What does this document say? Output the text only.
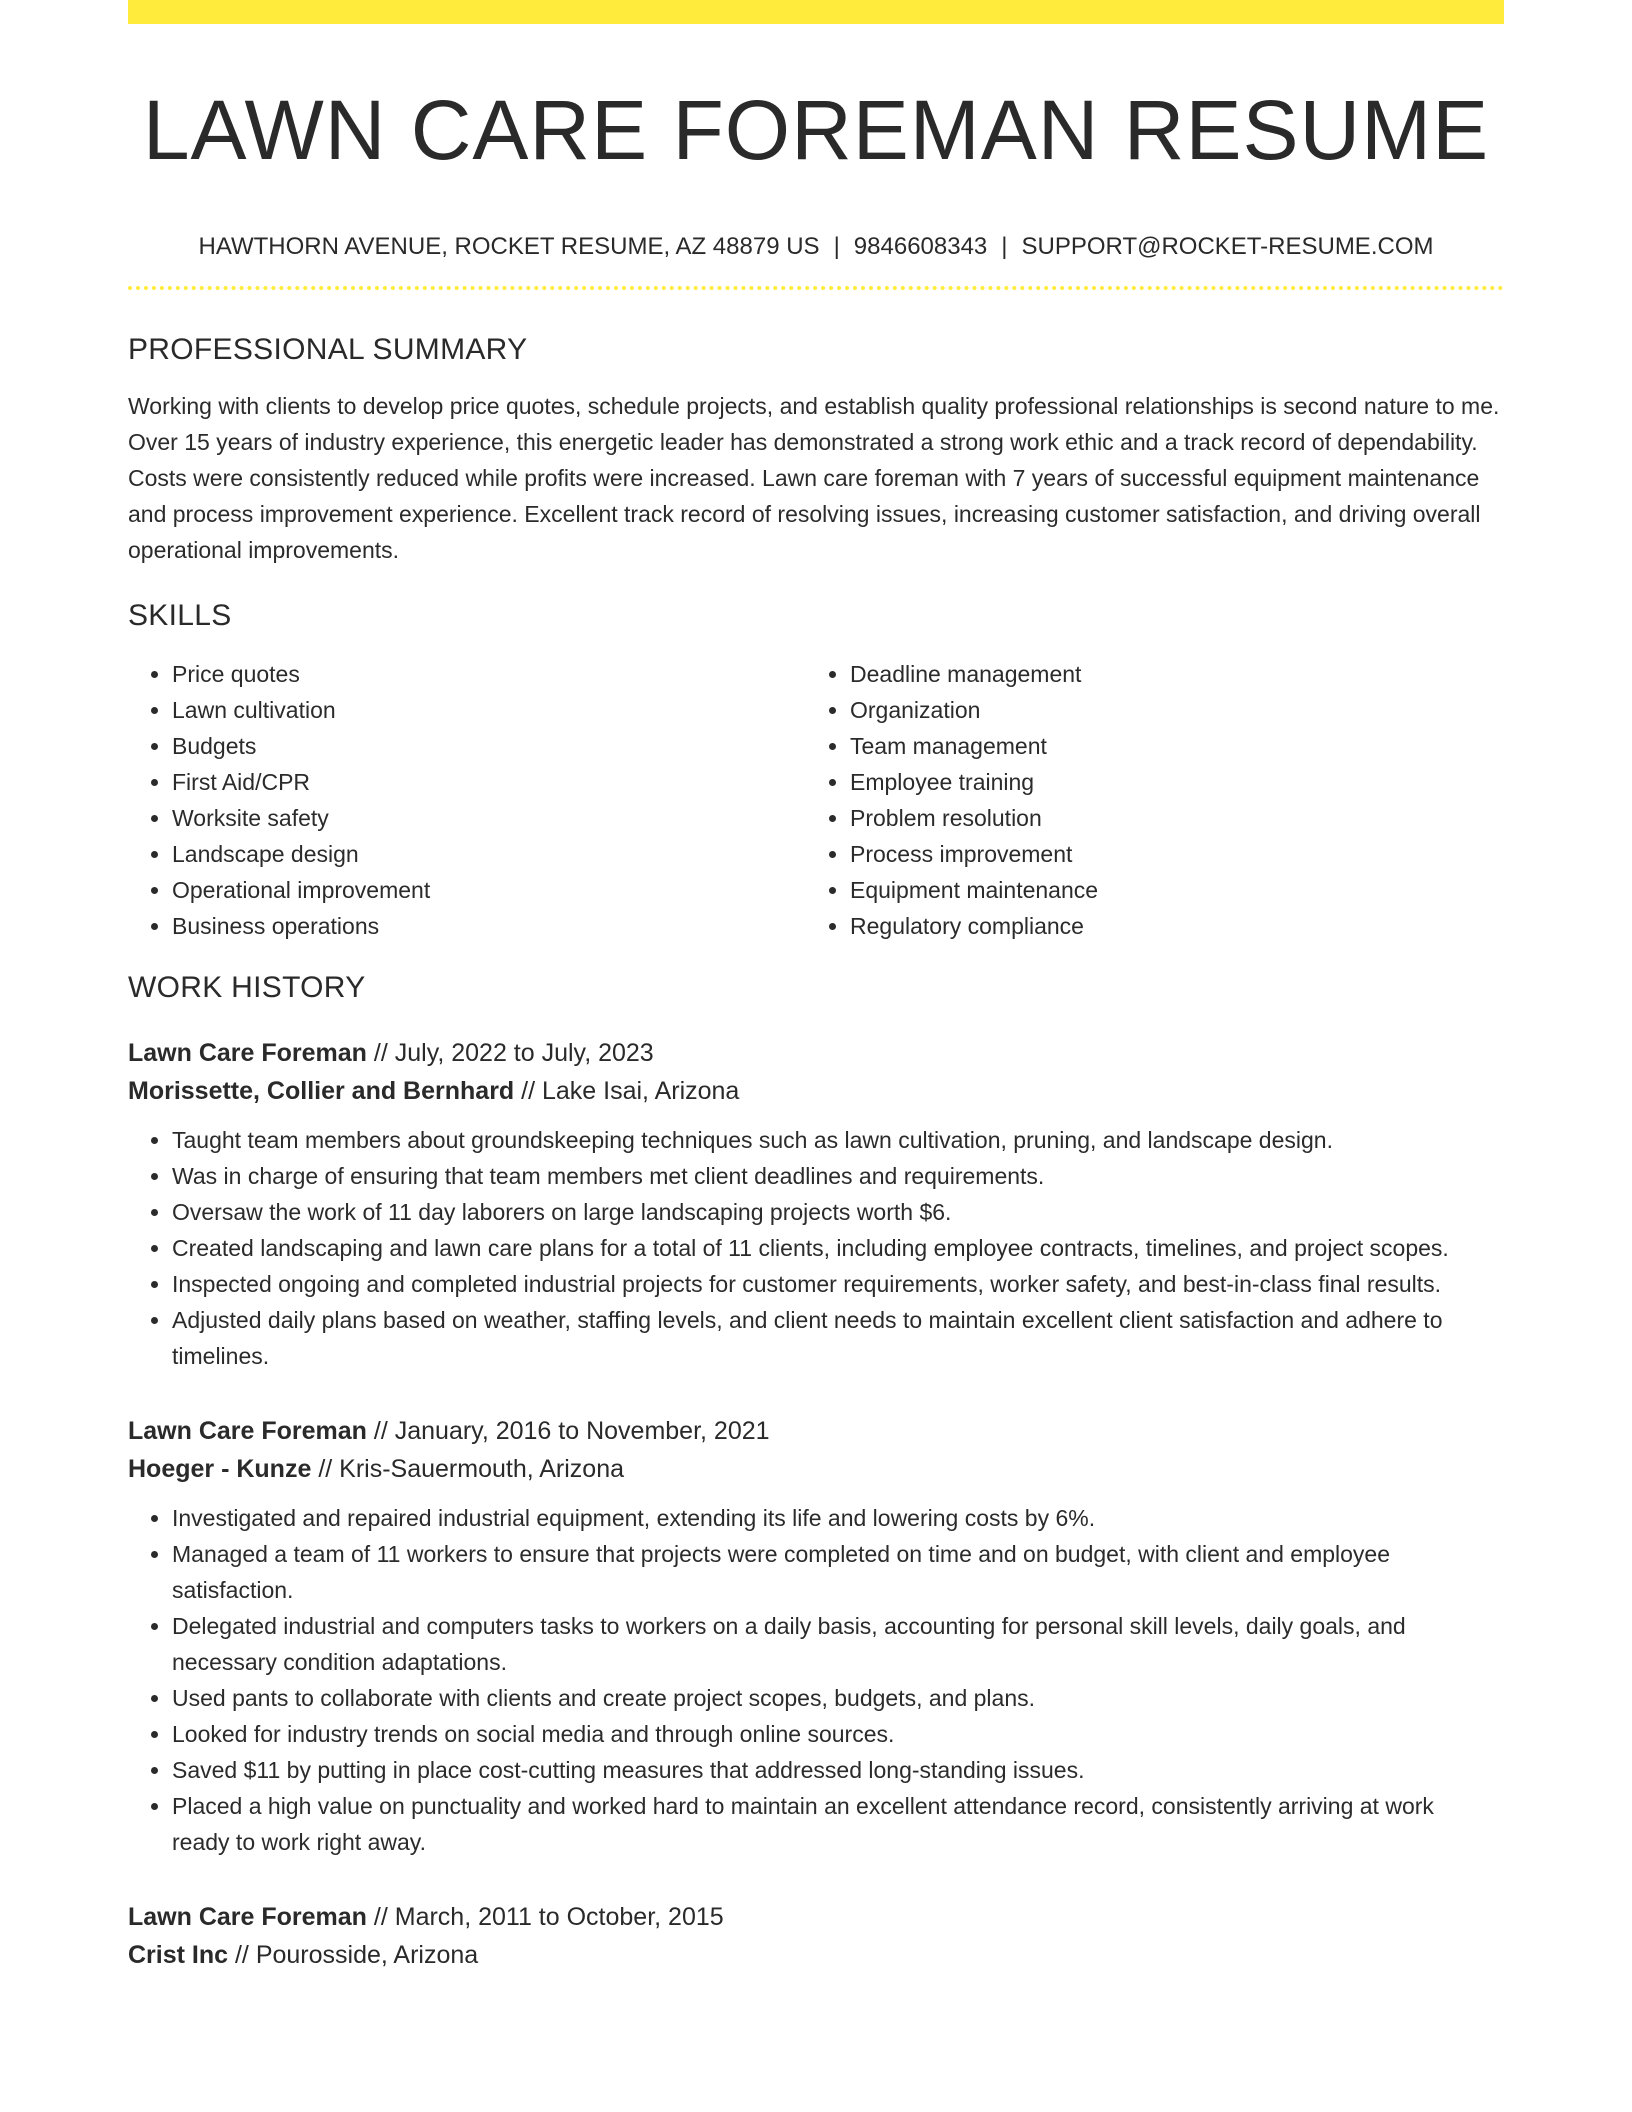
LAWN CARE FOREMAN RESUME
HAWTHORN AVENUE, ROCKET RESUME, AZ 48879 US | 9846608343 | SUPPORT@ROCKET-RESUME.COM
PROFESSIONAL SUMMARY

Working with clients to develop price quotes, schedule projects, and establish quality professional relationships is second nature to me. Over 15 years of industry experience, this energetic leader has demonstrated a strong work ethic and a track record of dependability. Costs were consistently reduced while profits were increased. Lawn care foreman with 7 years of successful equipment maintenance and process improvement experience. Excellent track record of resolving issues, increasing customer satisfaction, and driving overall operational improvements.

SKILLS
• Price quotes
• Lawn cultivation
• Budgets
• First Aid/CPR
• Worksite safety
• Landscape design
• Operational improvement
• Business operations
• Deadline management
• Organization
• Team management
• Employee training
• Problem resolution
• Process improvement
• Equipment maintenance
• Regulatory compliance
WORK HISTORY
Lawn Care Foreman // July, 2022 to July, 2023
Morissette, Collier and Bernhard // Lake Isai, Arizona
• Taught team members about groundskeeping techniques such as lawn cultivation, pruning, and landscape design.
• Was in charge of ensuring that team members met client deadlines and requirements.
• Oversaw the work of 11 day laborers on large landscaping projects worth $6.
• Created landscaping and lawn care plans for a total of 11 clients, including employee contracts, timelines, and project scopes.
• Inspected ongoing and completed industrial projects for customer requirements, worker safety, and best-in-class final results.
• Adjusted daily plans based on weather, staffing levels, and client needs to maintain excellent client satisfaction and adhere to timelines.
Lawn Care Foreman // January, 2016 to November, 2021
Hoeger - Kunze // Kris-Sauermouth, Arizona
• Investigated and repaired industrial equipment, extending its life and lowering costs by 6%.
• Managed a team of 11 workers to ensure that projects were completed on time and on budget, with client and employee satisfaction.
• Delegated industrial and computers tasks to workers on a daily basis, accounting for personal skill levels, daily goals, and necessary condition adaptations.
• Used pants to collaborate with clients and create project scopes, budgets, and plans.
• Looked for industry trends on social media and through online sources.
• Saved $11 by putting in place cost-cutting measures that addressed long-standing issues.
• Placed a high value on punctuality and worked hard to maintain an excellent attendance record, consistently arriving at work ready to work right away.
Lawn Care Foreman // March, 2011 to October, 2015
Crist Inc // Pourosside, Arizona
